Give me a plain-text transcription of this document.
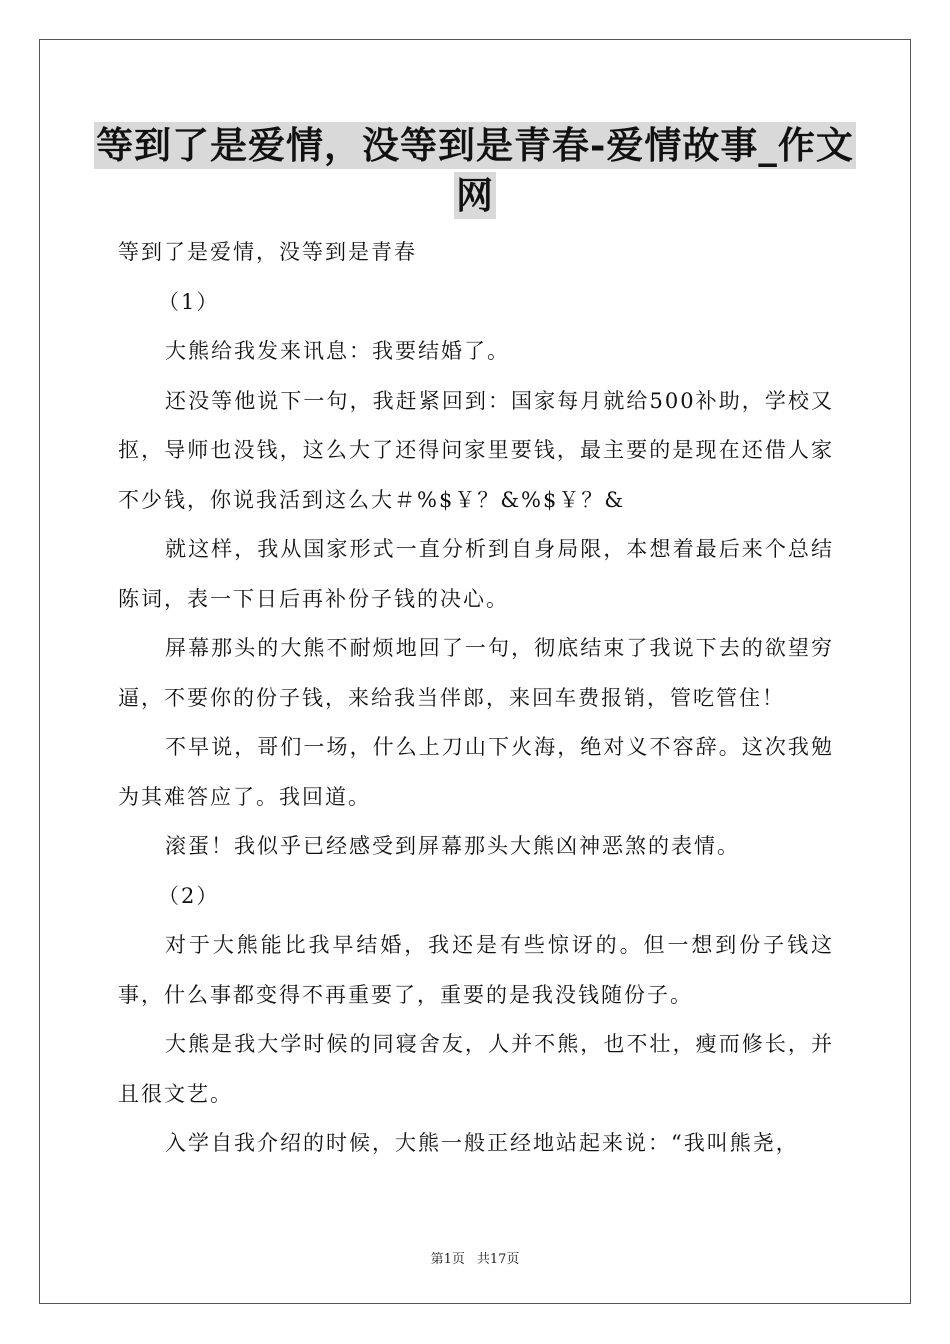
等到了是爱情，没等到是青春-爱情故事_作文
网

等到了是爱情，没等到是青春

（1）

大熊给我发来讯息：我要结婚了。

还没等他说下一句，我赶紧回到：国家每月就给500补助，学校又抠，导师也没钱，这么大了还得问家里要钱，最主要的是现在还借人家不少钱，你说我活到这么大＃%$￥？&%$￥？&

就这样，我从国家形式一直分析到自身局限，本想着最后来个总结陈词，表一下日后再补份子钱的决心。

屏幕那头的大熊不耐烦地回了一句，彻底结束了我说下去的欲望穷逼，不要你的份子钱，来给我当伴郎，来回车费报销，管吃管住！

不早说，哥们一场，什么上刀山下火海，绝对义不容辞。这次我勉为其难答应了。我回道。

滚蛋！我似乎已经感受到屏幕那头大熊凶神恶煞的表情。

（2）

对于大熊能比我早结婚，我还是有些惊讶的。但一想到份子钱这事，什么事都变得不再重要了，重要的是我没钱随份子。

大熊是我大学时候的同寝舍友，人并不熊，也不壮，瘦而修长，并且很文艺。

入学自我介绍的时候，大熊一般正经地站起来说：“我叫熊尧，

第1页 共17页
